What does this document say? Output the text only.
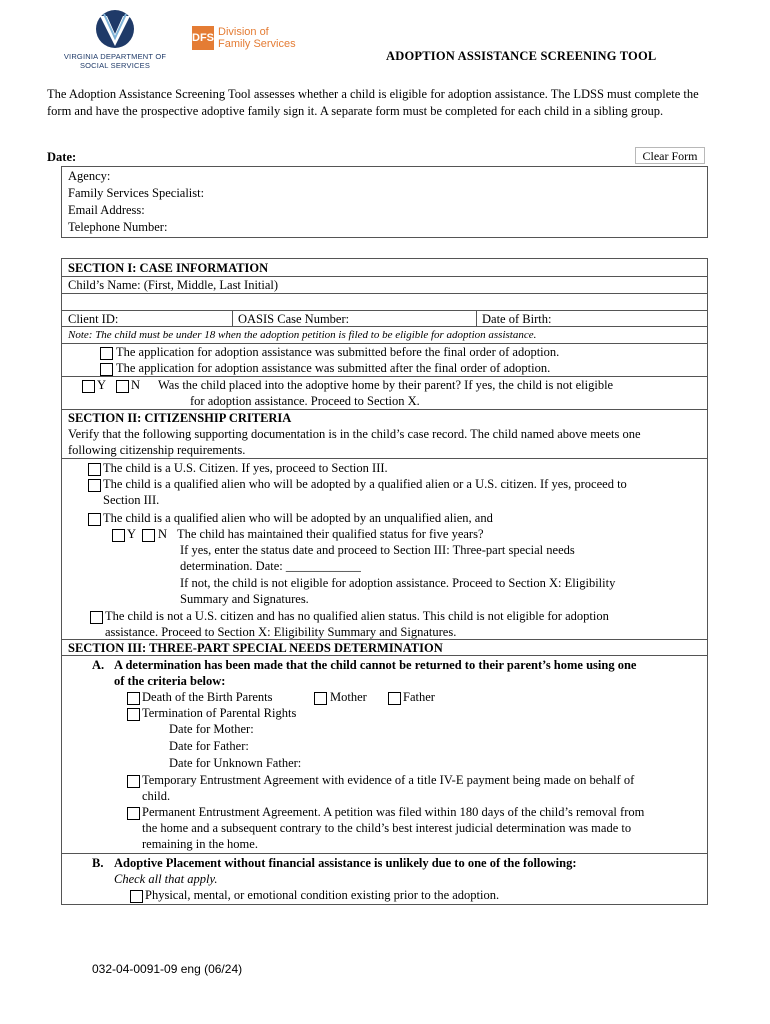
VIRGINIA DEPARTMENT OF SOCIAL SERVICES
DFS Division of Family Services
ADOPTION ASSISTANCE SCREENING TOOL
The Adoption Assistance Screening Tool assesses whether a child is eligible for adoption assistance. The LDSS must complete the form and have the prospective adoptive family sign it. A separate form must be completed for each child in a sibling group.
Date:	Clear Form
Agency:
Family Services Specialist:
Email Address:
Telephone Number:
SECTION I: CASE INFORMATION
Child’s Name: (First, Middle, Last Initial)
Client ID:	OASIS Case Number:	Date of Birth:
Note: The child must be under 18 when the adoption petition is filed to be eligible for adoption assistance.
The application for adoption assistance was submitted before the final order of adoption.
The application for adoption assistance was submitted after the final order of adoption.
Y N Was the child placed into the adoptive home by their parent? If yes, the child is not eligible
for adoption assistance. Proceed to Section X.
SECTION II: CITIZENSHIP CRITERIA
Verify that the following supporting documentation is in the child’s case record. The child named above meets one
following citizenship requirements.
The child is a U.S. Citizen. If yes, proceed to Section III.
The child is a qualified alien who will be adopted by a qualified alien or a U.S. citizen. If yes, proceed to
Section III.
The child is a qualified alien who will be adopted by an unqualified alien, and
Y N The child has maintained their qualified status for five years?
If yes, enter the status date and proceed to Section III: Three-part special needs
determination. Date: ____________
If not, the child is not eligible for adoption assistance. Proceed to Section X: Eligibility
Summary and Signatures.
The child is not a U.S. citizen and has no qualified alien status. This child is not eligible for adoption
assistance. Proceed to Section X: Eligibility Summary and Signatures.
SECTION III: THREE-PART SPECIAL NEEDS DETERMINATION
A. A determination has been made that the child cannot be returned to their parent’s home using one
of the criteria below:
Death of the Birth Parents	Mother	Father
Termination of Parental Rights
Date for Mother:
Date for Father:
Date for Unknown Father:
Temporary Entrustment Agreement with evidence of a title IV-E payment being made on behalf of
child.
Permanent Entrustment Agreement. A petition was filed within 180 days of the child’s removal from
the home and a subsequent contrary to the child’s best interest judicial determination was made to
remaining in the home.
B. Adoptive Placement without financial assistance is unlikely due to one of the following:
Check all that apply.
Physical, mental, or emotional condition existing prior to the adoption.
032-04-0091-09 eng (06/24)
